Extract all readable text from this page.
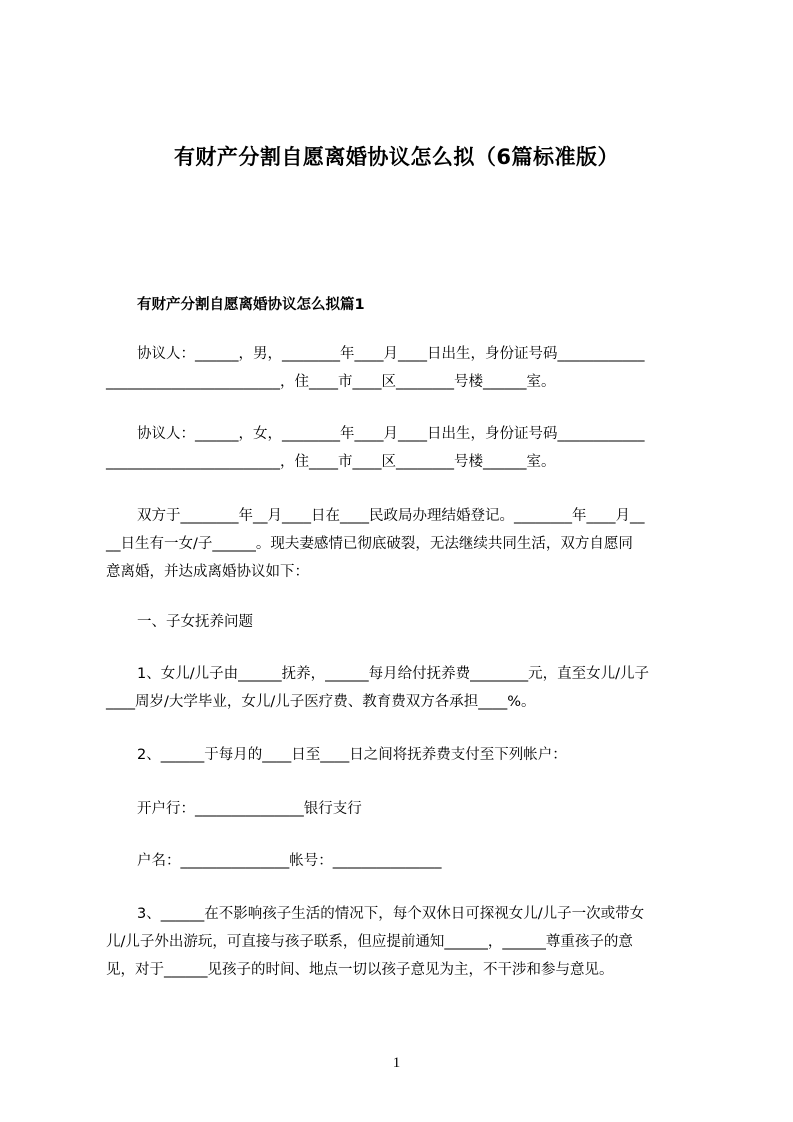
有财产分割自愿离婚协议怎么拟（6篇标准版）
有财产分割自愿离婚协议怎么拟篇1
协议人：______，男，________年____月____日出生，身份证号码____________
________________________，住____市____区________号楼______室。
协议人：______，女，________年____月____日出生，身份证号码____________
________________________，住____市____区________号楼______室。
双方于________年__月____日在____民政局办理结婚登记。________年____月__
__日生有一女/子______。现夫妻感情已彻底破裂，无法继续共同生活，双方自愿同
意离婚，并达成离婚协议如下：
一、子女抚养问题
1、女儿/儿子由______抚养，______每月给付抚养费________元，直至女儿/儿子
____周岁/大学毕业，女儿/儿子医疗费、教育费双方各承担____%。
2、______于每月的____日至____日之间将抚养费支付至下列帐户：
开户行：_______________银行支行
户名：_______________帐号：_______________
3、______在不影响孩子生活的情况下，每个双休日可探视女儿/儿子一次或带女
儿/儿子外出游玩，可直接与孩子联系，但应提前通知______，______尊重孩子的意
见，对于______见孩子的时间、地点一切以孩子意见为主，不干涉和参与意见。
1
